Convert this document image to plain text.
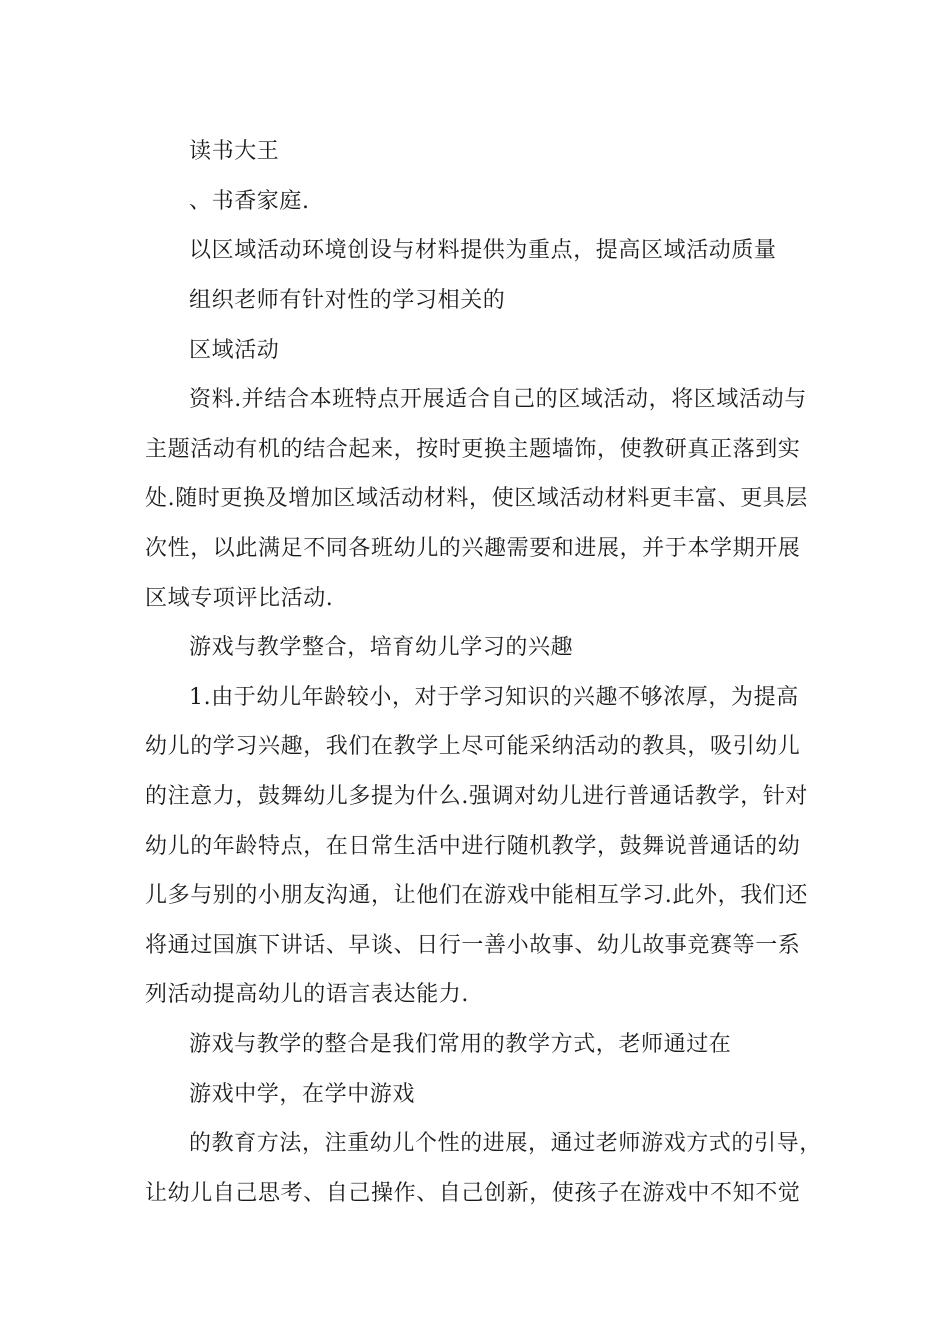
读书大王
、书香家庭.
以区域活动环境创设与材料提供为重点，提高区域活动质量
组织老师有针对性的学习相关的
区域活动
资料.并结合本班特点开展适合自己的区域活动，将区域活动与
主题活动有机的结合起来，按时更换主题墙饰，使教研真正落到实
处.随时更换及增加区域活动材料，使区域活动材料更丰富、更具层
次性，以此满足不同各班幼儿的兴趣需要和进展，并于本学期开展
区域专项评比活动.
游戏与教学整合，培育幼儿学习的兴趣
1.由于幼儿年龄较小，对于学习知识的兴趣不够浓厚，为提高
幼儿的学习兴趣，我们在教学上尽可能采纳活动的教具，吸引幼儿
的注意力，鼓舞幼儿多提为什么.强调对幼儿进行普通话教学，针对
幼儿的年龄特点，在日常生活中进行随机教学，鼓舞说普通话的幼
儿多与别的小朋友沟通，让他们在游戏中能相互学习.此外，我们还
将通过国旗下讲话、早谈、日行一善小故事、幼儿故事竞赛等一系
列活动提高幼儿的语言表达能力.
游戏与教学的整合是我们常用的教学方式，老师通过在
游戏中学，在学中游戏
的教育方法，注重幼儿个性的进展，通过老师游戏方式的引导，
让幼儿自己思考、自己操作、自己创新，使孩子在游戏中不知不觉
